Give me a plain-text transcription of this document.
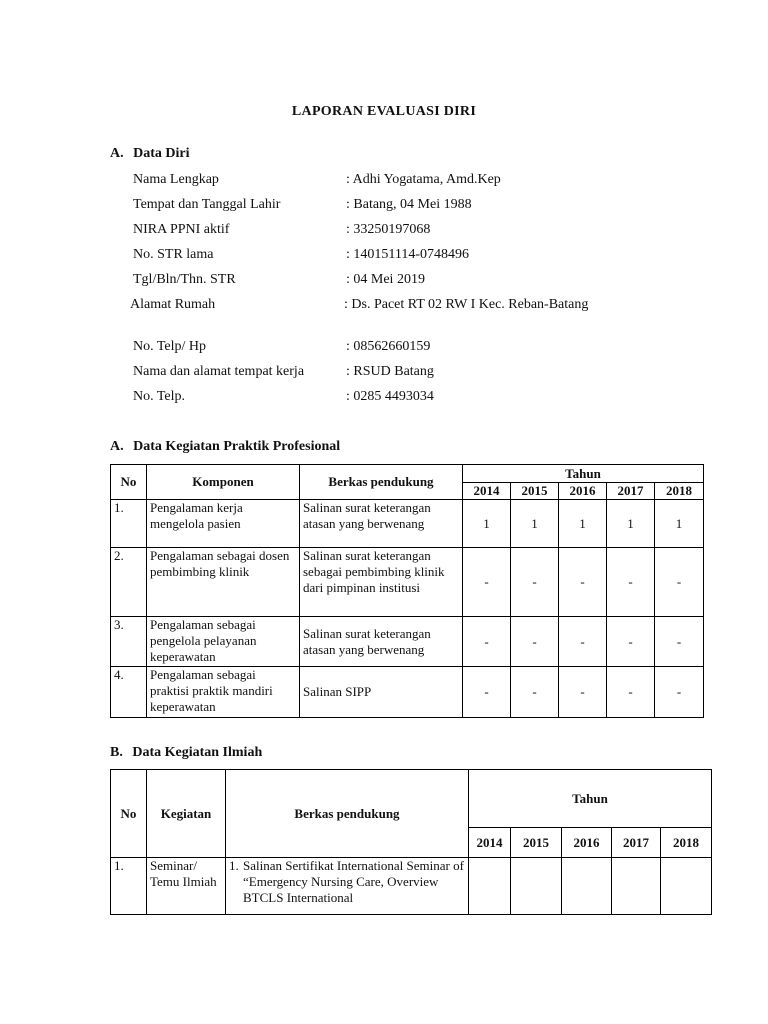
LAPORAN EVALUASI DIRI
A. Data Diri
Nama Lengkap	: Adhi Yogatama, Amd.Kep
Tempat dan Tanggal Lahir	: Batang, 04 Mei 1988
NIRA PPNI aktif	: 33250197068
No. STR lama	: 140151114-0748496
Tgl/Bln/Thn. STR	: 04 Mei 2019
Alamat Rumah	: Ds. Pacet RT 02 RW I Kec. Reban-Batang
No. Telp/ Hp	: 08562660159
Nama dan alamat tempat kerja	: RSUD Batang
No. Telp.	: 0285 4493034
A. Data Kegiatan Praktik Profesional
No	Komponen	Berkas pendukung	Tahun				
			2014	2015	2016	2017	2018
1.	Pengalaman kerja mengelola pasien	Salinan surat keterangan atasan yang berwenang	1	1	1	1	1
2.	Pengalaman sebagai dosen pembimbing klinik	Salinan surat keterangan sebagai pembimbing klinik dari pimpinan institusi	-	-	-	-	-
3.	Pengalaman sebagai pengelola pelayanan keperawatan	Salinan surat keterangan atasan yang berwenang	-	-	-	-	-
4.	Pengalaman sebagai praktisi praktik mandiri keperawatan	Salinan SIPP	-	-	-	-	-
B. Data Kegiatan Ilmiah
No	Kegiatan	Berkas pendukung	Tahun				
			2014	2015	2016	2017	2018
1.	Seminar/ Temu Ilmiah	1. Salinan Sertifikat International Seminar of “Emergency Nursing Care, Overview BTCLS International					
